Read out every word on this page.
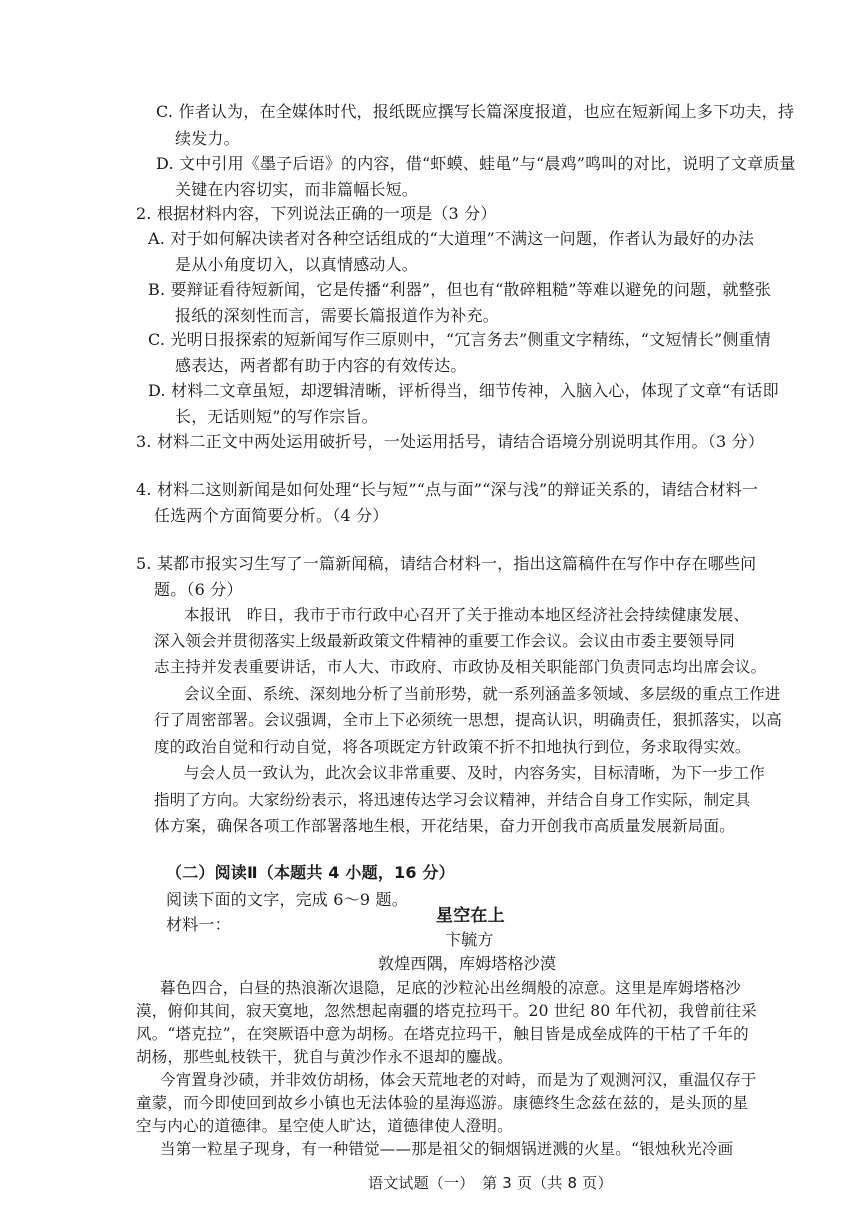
C. 作者认为，在全媒体时代，报纸既应撰写长篇深度报道，也应在短新闻上多下功夫，持
续发力。
D. 文中引用《墨子后语》的内容，借“虾蟆、蛙黾”与“晨鸡”鸣叫的对比，说明了文章质量
关键在内容切实，而非篇幅长短。
2. 根据材料内容，下列说法正确的一项是（3 分）
A. 对于如何解决读者对各种空话组成的“大道理”不满这一问题，作者认为最好的办法
是从小角度切入，以真情感动人。
B. 要辩证看待短新闻，它是传播“利器”，但也有“散碎粗糙”等难以避免的问题，就整张
报纸的深刻性而言，需要长篇报道作为补充。
C. 光明日报探索的短新闻写作三原则中，“冗言务去”侧重文字精练，“文短情长”侧重情
感表达，两者都有助于内容的有效传达。
D. 材料二文章虽短，却逻辑清晰，评析得当，细节传神，入脑入心，体现了文章“有话即
长，无话则短”的写作宗旨。
3. 材料二正文中两处运用破折号，一处运用括号，请结合语境分别说明其作用。（3 分）
4. 材料二这则新闻是如何处理“长与短”“点与面”“深与浅”的辩证关系的，请结合材料一
任选两个方面简要分析。（4 分）
5. 某都市报实习生写了一篇新闻稿，请结合材料一，指出这篇稿件在写作中存在哪些问
题。（6 分）
本报讯　昨日，我市于市行政中心召开了关于推动本地区经济社会持续健康发展、
深入领会并贯彻落实上级最新政策文件精神的重要工作会议。会议由市委主要领导同
志主持并发表重要讲话，市人大、市政府、市政协及相关职能部门负责同志均出席会议。
会议全面、系统、深刻地分析了当前形势，就一系列涵盖多领域、多层级的重点工作进
行了周密部署。会议强调，全市上下必须统一思想，提高认识，明确责任，狠抓落实，以高
度的政治自觉和行动自觉，将各项既定方针政策不折不扣地执行到位，务求取得实效。
与会人员一致认为，此次会议非常重要、及时，内容务实，目标清晰，为下一步工作
指明了方向。大家纷纷表示，将迅速传达学习会议精神，并结合自身工作实际，制定具
体方案，确保各项工作部署落地生根，开花结果，奋力开创我市高质量发展新局面。
（二）阅读Ⅱ（本题共 4 小题，16 分）
阅读下面的文字，完成 6～9 题。
材料一：	星空在上
卞毓方
敦煌西隅，库姆塔格沙漠
暮色四合，白昼的热浪渐次退隐，足底的沙粒沁出丝绸般的凉意。这里是库姆塔格沙
漠，俯仰其间，寂天寞地，忽然想起南疆的塔克拉玛干。20 世纪 80 年代初，我曾前往采
风。“塔克拉”，在突厥语中意为胡杨。在塔克拉玛干，触目皆是成垒成阵的干枯了千年的
胡杨，那些虬枝铁干，犹自与黄沙作永不退却的鏖战。
今宵置身沙碛，并非效仿胡杨，体会天荒地老的对峙，而是为了观测河汉，重温仅存于
童蒙，而今即使回到故乡小镇也无法体验的星海巡游。康德终生念兹在兹的，是头顶的星
空与内心的道德律。星空使人旷达，道德律使人澄明。
当第一粒星子现身，有一种错觉——那是祖父的铜烟锅迸溅的火星。“银烛秋光冷画
语文试题（一）　第 3 页（共 8 页）
